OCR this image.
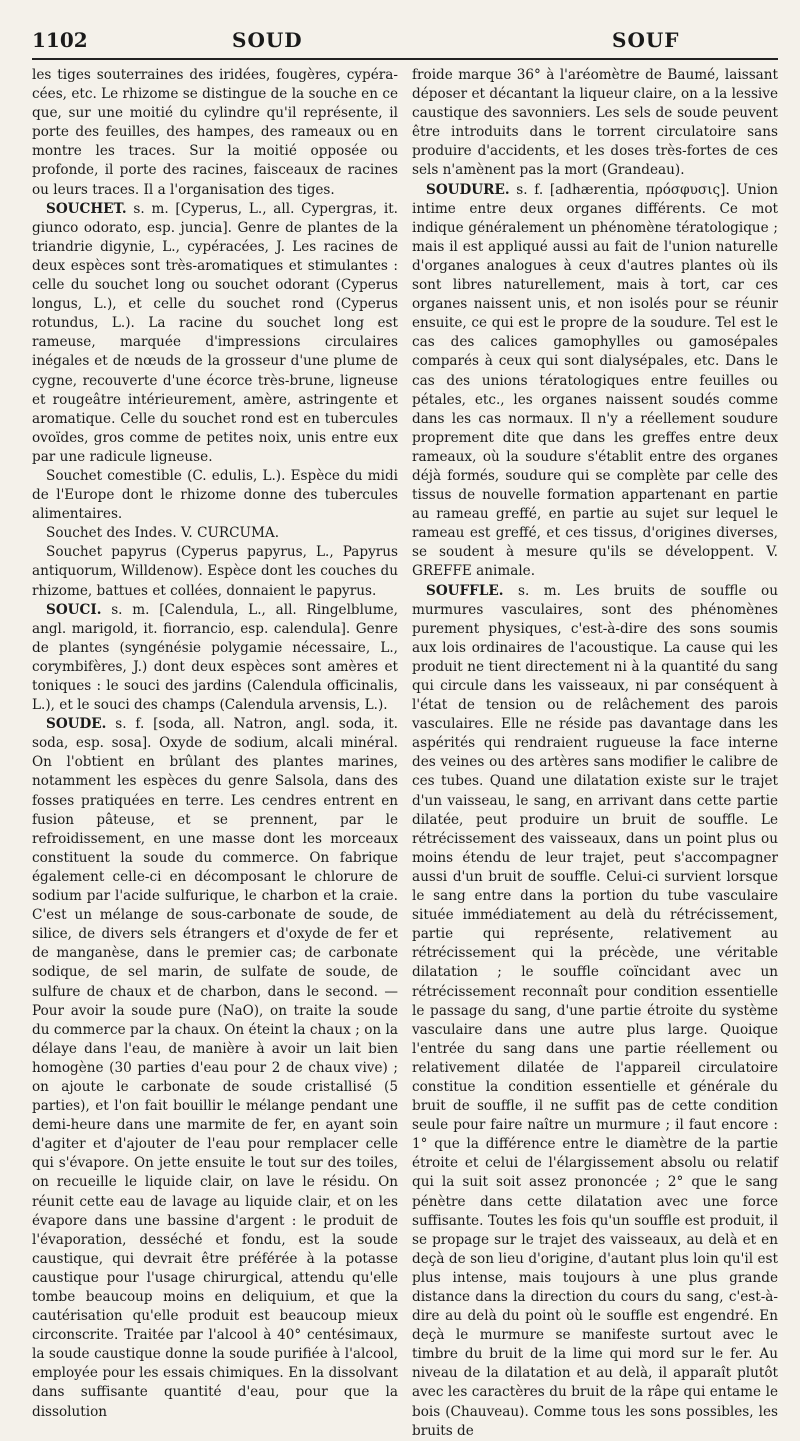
1102	SOUD	SOUF

les tiges souterraines des iridées, fougères, cypéra-cées, etc. Le rhizome se distingue de la souche en ce que, sur une moitié du cylindre qu'il représente, il porte des feuilles, des hampes, des rameaux ou en montre les traces. Sur la moitié opposée ou profonde, il porte des racines, faisceaux de racines ou leurs traces. Il a l'organisation des tiges.

SOUCHET. s. m. [Cyperus, L., all. Cypergras, it. giunco odorato, esp. juncia]. Genre de plantes de la triandrie digynie, L., cypéracées, J. Les racines de deux espèces sont très-aromatiques et stimulantes : celle du souchet long ou souchet odorant (Cyperus longus, L.), et celle du souchet rond (Cyperus rotundus, L.). La racine du souchet long est rameuse, marquée d'impressions circulaires inégales et de nœuds de la grosseur d'une plume de cygne, recouverte d'une écorce très-brune, ligneuse et rougeâtre intérieurement, amère, astringente et aromatique. Celle du souchet rond est en tubercules ovoïdes, gros comme de petites noix, unis entre eux par une radicule ligneuse.

Souchet comestible (C. edulis, L.). Espèce du midi de l'Europe dont le rhizome donne des tubercules alimentaires.

Souchet des Indes. V. CURCUMA.

Souchet papyrus (Cyperus papyrus, L., Papyrus antiquorum, Willdenow). Espèce dont les couches du rhizome, battues et collées, donnaient le papyrus.

SOUCI. s. m. [Calendula, L., all. Ringelblume, angl. marigold, it. fiorrancio, esp. calendula]. Genre de plantes (syngénésie polygamie nécessaire, L., corymbifères, J.) dont deux espèces sont amères et toniques : le souci des jardins (Calendula officinalis, L.), et le souci des champs (Calendula arvensis, L.).

SOUDE. s. f. [soda, all. Natron, angl. soda, it. soda, esp. sosa]. Oxyde de sodium, alcali minéral. On l'obtient en brûlant des plantes marines, notamment les espèces du genre Salsola, dans des fosses pratiquées en terre. Les cendres entrent en fusion pâteuse, et se prennent, par le refroidissement, en une masse dont les morceaux constituent la soude du commerce. On fabrique également celle-ci en décomposant le chlorure de sodium par l'acide sulfurique, le charbon et la craie. C'est un mélange de sous-carbonate de soude, de silice, de divers sels étrangers et d'oxyde de fer et de manganèse, dans le premier cas; de carbonate sodique, de sel marin, de sulfate de soude, de sulfure de chaux et de charbon, dans le second. — Pour avoir la soude pure (NaO), on traite la soude du commerce par la chaux. On éteint la chaux ; on la délaye dans l'eau, de manière à avoir un lait bien homogène (30 parties d'eau pour 2 de chaux vive) ; on ajoute le carbonate de soude cristallisé (5 parties), et l'on fait bouillir le mélange pendant une demi-heure dans une marmite de fer, en ayant soin d'agiter et d'ajouter de l'eau pour remplacer celle qui s'évapore. On jette ensuite le tout sur des toiles, on recueille le liquide clair, on lave le résidu. On réunit cette eau de lavage au liquide clair, et on les évapore dans une bassine d'argent : le produit de l'évaporation, desséché et fondu, est la soude caustique, qui devrait être préférée à la potasse caustique pour l'usage chirurgical, attendu qu'elle tombe beaucoup moins en deliquium, et que la cautérisation qu'elle produit est beaucoup mieux circonscrite. Traitée par l'alcool à 40° centésimaux, la soude caustique donne la soude purifiée à l'alcool, employée pour les essais chimiques. En la dissolvant dans suffisante quantité d'eau, pour que la dissolution

froide marque 36° à l'aréomètre de Baumé, laissant déposer et décantant la liqueur claire, on a la lessive caustique des savonniers. Les sels de soude peuvent être introduits dans le torrent circulatoire sans produire d'accidents, et les doses très-fortes de ces sels n'amènent pas la mort (Grandeau).

SOUDURE. s. f. [adhærentia, πρόσφυσις]. Union intime entre deux organes différents. Ce mot indique généralement un phénomène tératologique ; mais il est appliqué aussi au fait de l'union naturelle d'organes analogues à ceux d'autres plantes où ils sont libres naturellement, mais à tort, car ces organes naissent unis, et non isolés pour se réunir ensuite, ce qui est le propre de la soudure. Tel est le cas des calices gamophylles ou gamosépales comparés à ceux qui sont dialysépales, etc. Dans le cas des unions tératologiques entre feuilles ou pétales, etc., les organes naissent soudés comme dans les cas normaux. Il n'y a réellement soudure proprement dite que dans les greffes entre deux rameaux, où la soudure s'établit entre des organes déjà formés, soudure qui se complète par celle des tissus de nouvelle formation appartenant en partie au rameau greffé, en partie au sujet sur lequel le rameau est greffé, et ces tissus, d'origines diverses, se soudent à mesure qu'ils se développent. V. GREFFE animale.

SOUFFLE. s. m. Les bruits de souffle ou murmures vasculaires, sont des phénomènes purement physiques, c'est-à-dire des sons soumis aux lois ordinaires de l'acoustique. La cause qui les produit ne tient directement ni à la quantité du sang qui circule dans les vaisseaux, ni par conséquent à l'état de tension ou de relâchement des parois vasculaires. Elle ne réside pas davantage dans les aspérités qui rendraient rugueuse la face interne des veines ou des artères sans modifier le calibre de ces tubes. Quand une dilatation existe sur le trajet d'un vaisseau, le sang, en arrivant dans cette partie dilatée, peut produire un bruit de souffle. Le rétrécissement des vaisseaux, dans un point plus ou moins étendu de leur trajet, peut s'accompagner aussi d'un bruit de souffle. Celui-ci survient lorsque le sang entre dans la portion du tube vasculaire située immédiatement au delà du rétrécissement, partie qui représente, relativement au rétrécissement qui la précède, une véritable dilatation ; le souffle coïncidant avec un rétrécissement reconnaît pour condition essentielle le passage du sang, d'une partie étroite du système vasculaire dans une autre plus large. Quoique l'entrée du sang dans une partie réellement ou relativement dilatée de l'appareil circulatoire constitue la condition essentielle et générale du bruit de souffle, il ne suffit pas de cette condition seule pour faire naître un murmure ; il faut encore : 1° que la différence entre le diamètre de la partie étroite et celui de l'élargissement absolu ou relatif qui la suit soit assez prononcée ; 2° que le sang pénètre dans cette dilatation avec une force suffisante. Toutes les fois qu'un souffle est produit, il se propage sur le trajet des vaisseaux, au delà et en deçà de son lieu d'origine, d'autant plus loin qu'il est plus intense, mais toujours à une plus grande distance dans la direction du cours du sang, c'est-à-dire au delà du point où le souffle est engendré. En deçà le murmure se manifeste surtout avec le timbre du bruit de la lime qui mord sur le fer. Au niveau de la dilatation et au delà, il apparaît plutôt avec les caractères du bruit de la râpe qui entame le bois (Chauveau). Comme tous les sons possibles, les bruits de
